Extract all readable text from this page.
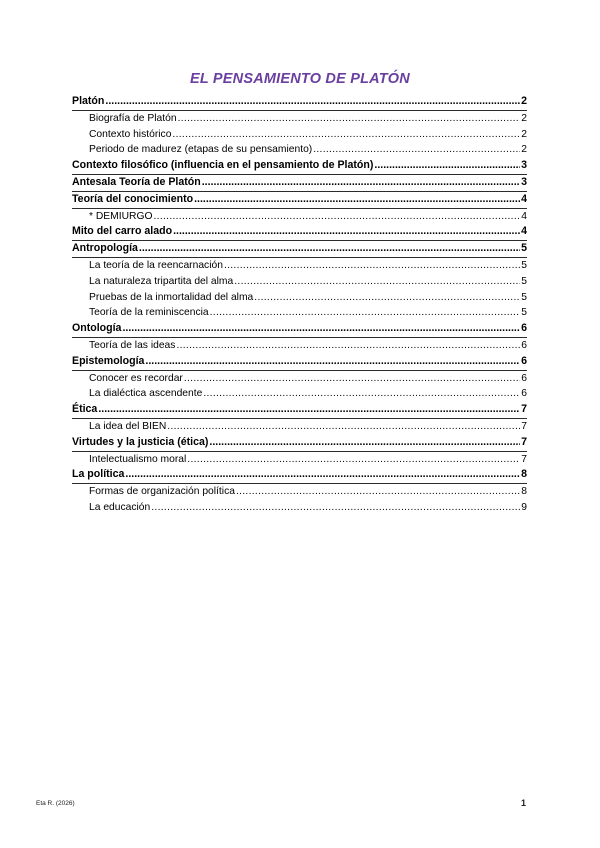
EL PENSAMIENTO DE PLATÓN
Platón .....	2
Biografía de Platón .....	2
Contexto histórico .....	2
Periodo de madurez (etapas de su pensamiento) .....	2
Contexto filosófico (influencia en el pensamiento de Platón) .....	3
Antesala Teoría de Platón .....	3
Teoría del conocimiento .....	4
* DEMIURGO .....	4
Mito del carro alado .....	4
Antropología .....	5
La teoría de la reencarnación .....	5
La naturaleza tripartita del alma .....	5
Pruebas de la inmortalidad del alma .....	5
Teoría de la reminiscencia .....	5
Ontología .....	6
Teoría de las ideas .....	6
Epistemología .....	6
Conocer es recordar .....	6
La dialéctica ascendente .....	6
Ética .....	7
La idea del BIEN .....	7
Virtudes y la justicia (ética) .....	7
Intelectualismo moral .....	7
La política .....	8
Formas de organización política .....	8
La educación .....	9
Eta R. (2026)	1
